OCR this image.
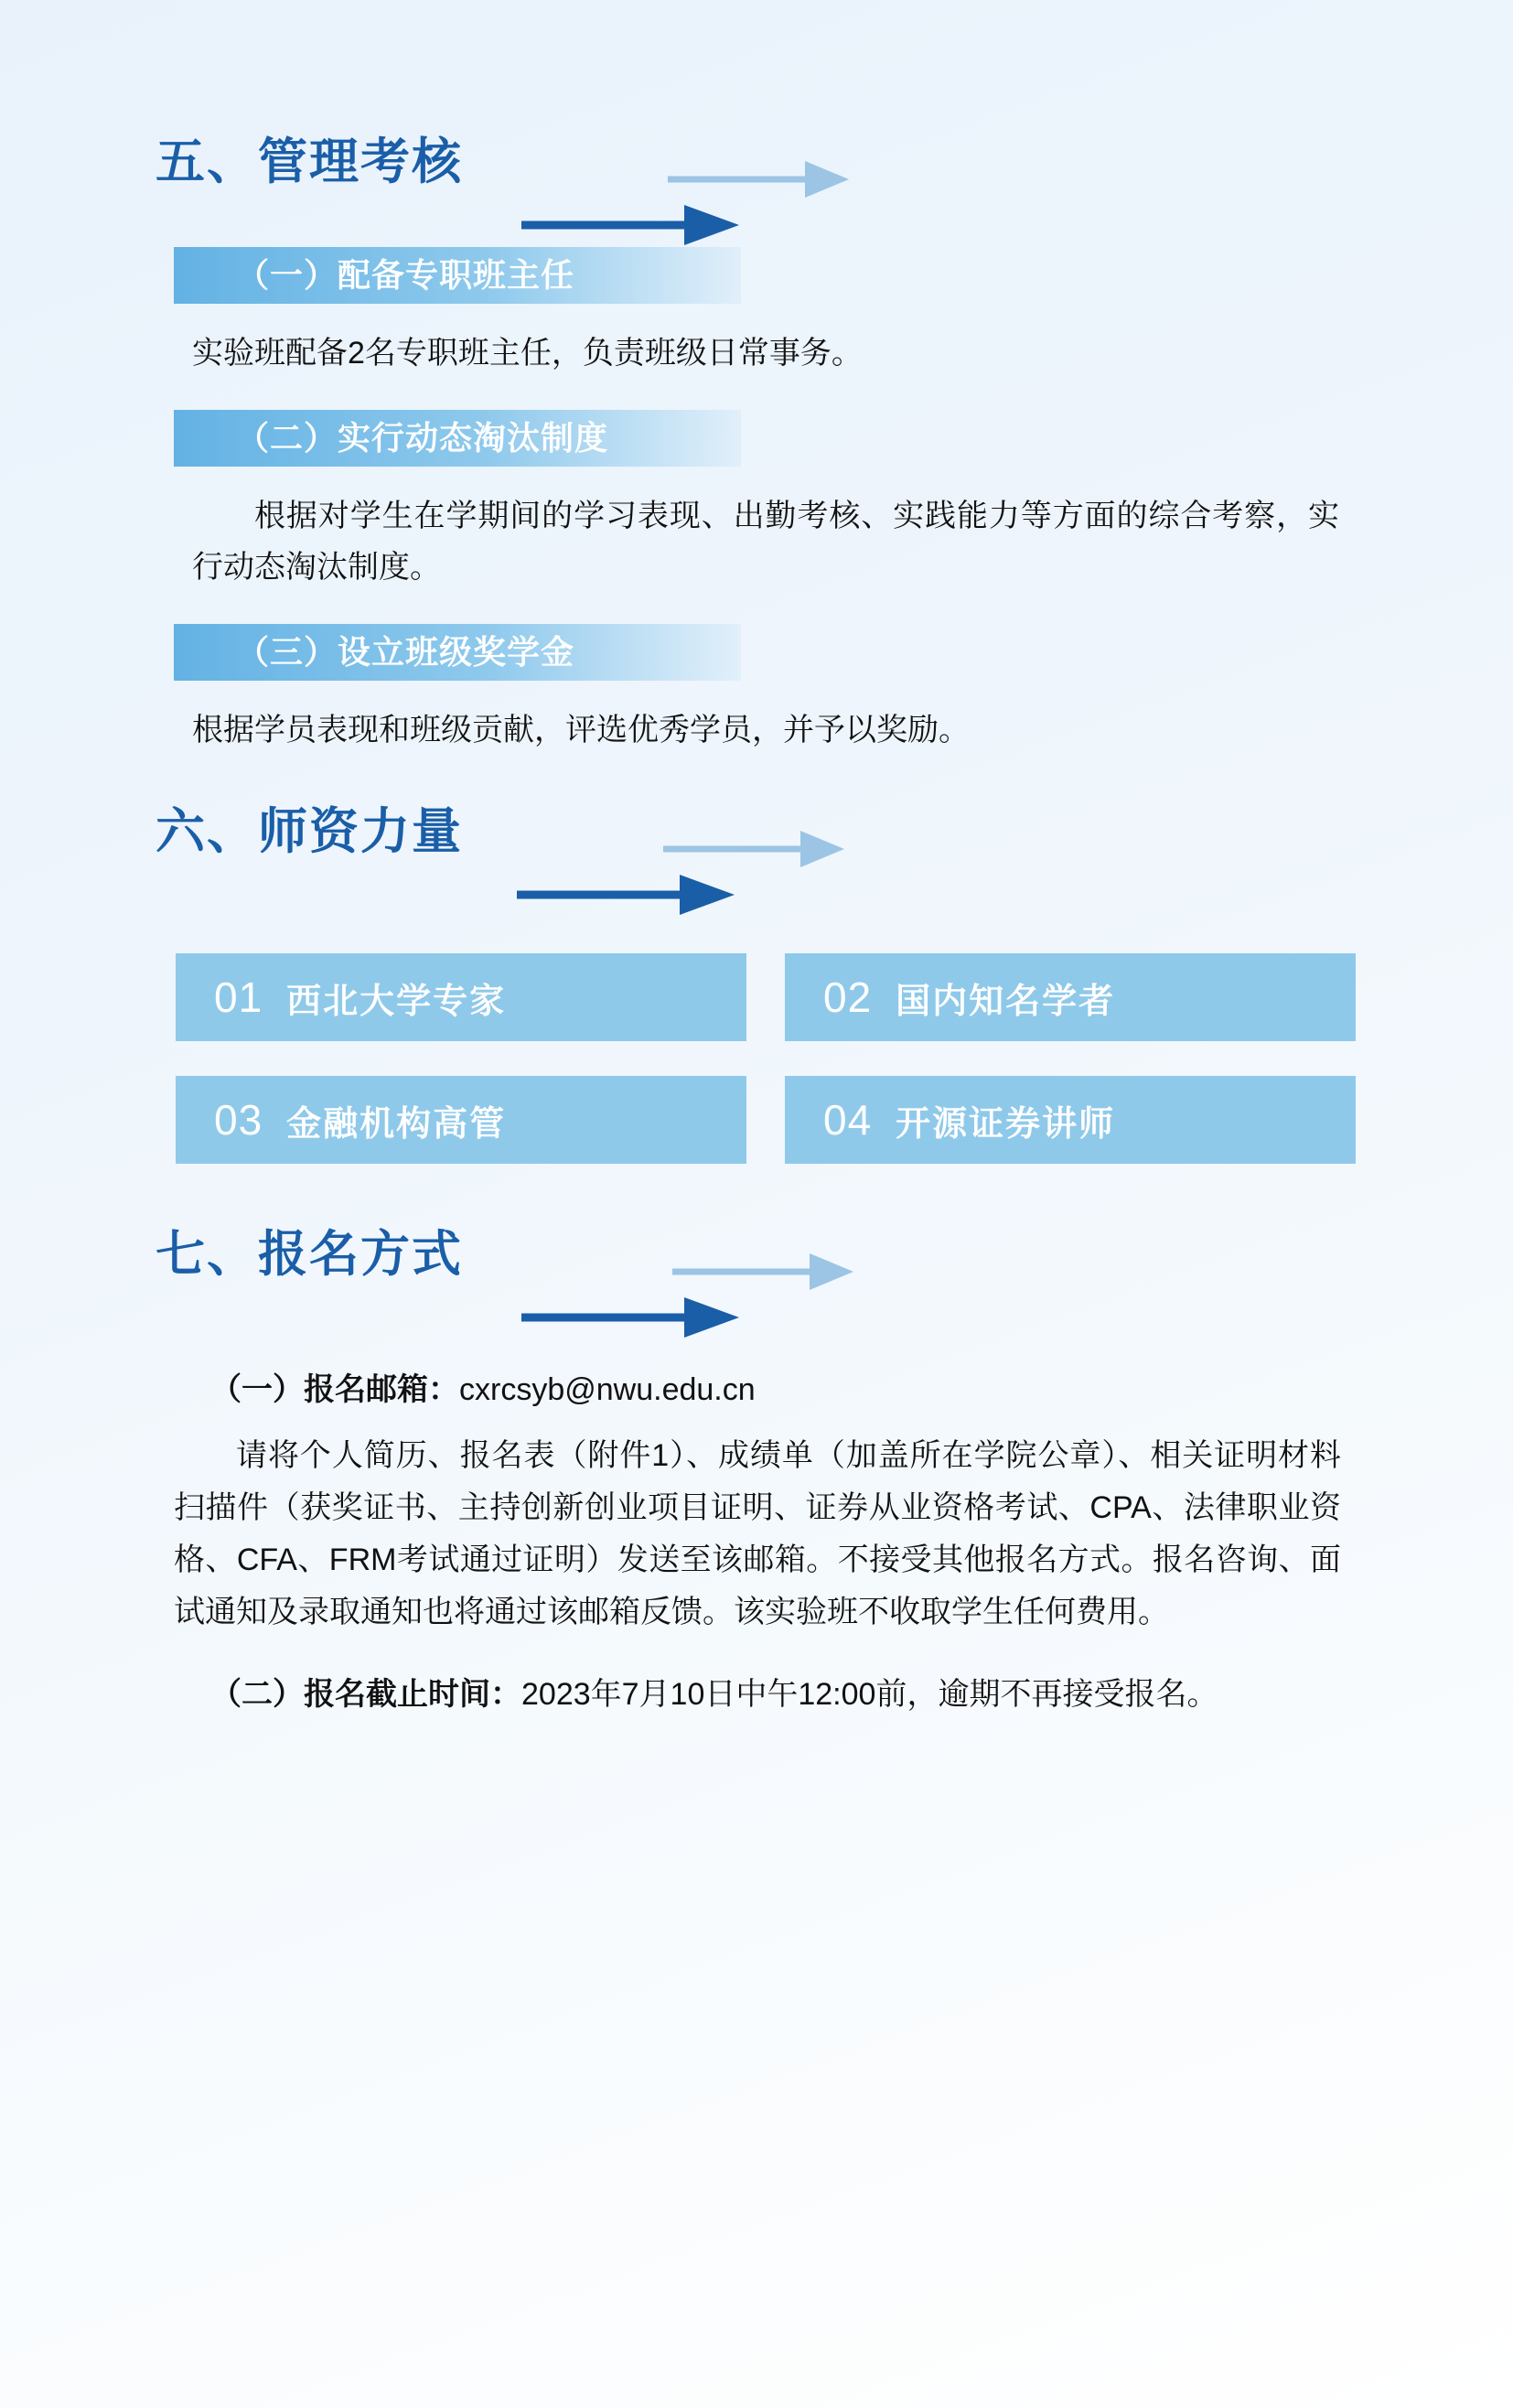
五、管理考核
（一）配备专职班主任

实验班配备2名专职班主任，负责班级日常事务。

（二）实行动态淘汰制度

根据对学生在学期间的学习表现、出勤考核、实践能力等方面的综合考察，实行动态淘汰制度。

（三）设立班级奖学金

根据学员表现和班级贡献，评选优秀学员，并予以奖励。

六、师资力量
01 西北大学专家	02 国内知名学者
03 金融机构高管	04 开源证券讲师
七、报名方式
（一）报名邮箱：cxrcsyb@nwu.edu.cn

请将个人简历、报名表（附件1）、成绩单（加盖所在学院公章）、相关证明材料扫描件（获奖证书、主持创新创业项目证明、证券从业资格考试、CPA、法律职业资格、CFA、FRM考试通过证明）发送至该邮箱。不接受其他报名方式。报名咨询、面试通知及录取通知也将通过该邮箱反馈。该实验班不收取学生任何费用。

（二）报名截止时间：2023年7月10日中午12:00前，逾期不再接受报名。
